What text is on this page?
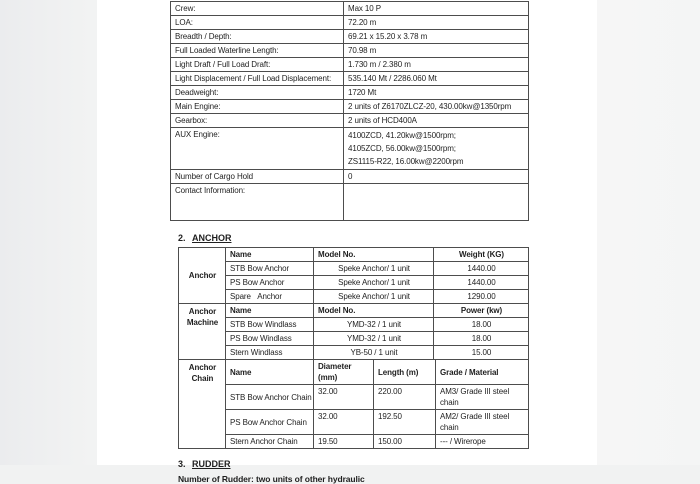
Crew:	Max 10 P
LOA:	72.20 m
Breadth / Depth:	69.21 x 15.20 x 3.78 m
Full Loaded Waterline Length:	70.98 m
Light Draft / Full Load Draft:	1.730 m / 2.380 m
Light Displacement / Full Load Displacement:	535.140 Mt / 2286.060 Mt
Deadweight:	1720 Mt
Main Engine:	2 units of Z6170ZLCZ-20, 430.00kw@1350rpm
Gearbox:	2 units of HCD400A
AUX Engine:	4100ZCD, 41.20kw@1500rpm;
4105ZCD, 56.00kw@1500rpm;
ZS1115-R22, 16.00kw@2200rpm

Number of Cargo Hold	0
Contact Information:	
2. ANCHOR
Anchor	Name	Model No.	Weight (KG)
	STB Bow Anchor	Speke Anchor/ 1 unit	1440.00
	PS Bow Anchor	Speke Anchor/ 1 unit	1440.00
	Spare   Anchor	Speke Anchor/ 1 unit	1290.00
Anchor Machine	Name	Model No.	Power (kw)
	STB Bow Windlass	YMD-32 / 1 unit	18.00
	PS Bow Windlass	YMD-32 / 1 unit	18.00
	Stern Windlass	YB-50 / 1 unit	15.00
Anchor Chain	Name	Diameter (mm)	Length (m)	Grade / Material
	STB Bow Anchor Chain	32.00	220.00	AM3/ Grade III steel chain
	PS Bow Anchor Chain	32.00	192.50	AM2/ Grade III steel chain
	Stern Anchor Chain	19.50	150.00	--- / Wirerope
3. RUDDER
Number of Rudder: two units of other hydraulic
